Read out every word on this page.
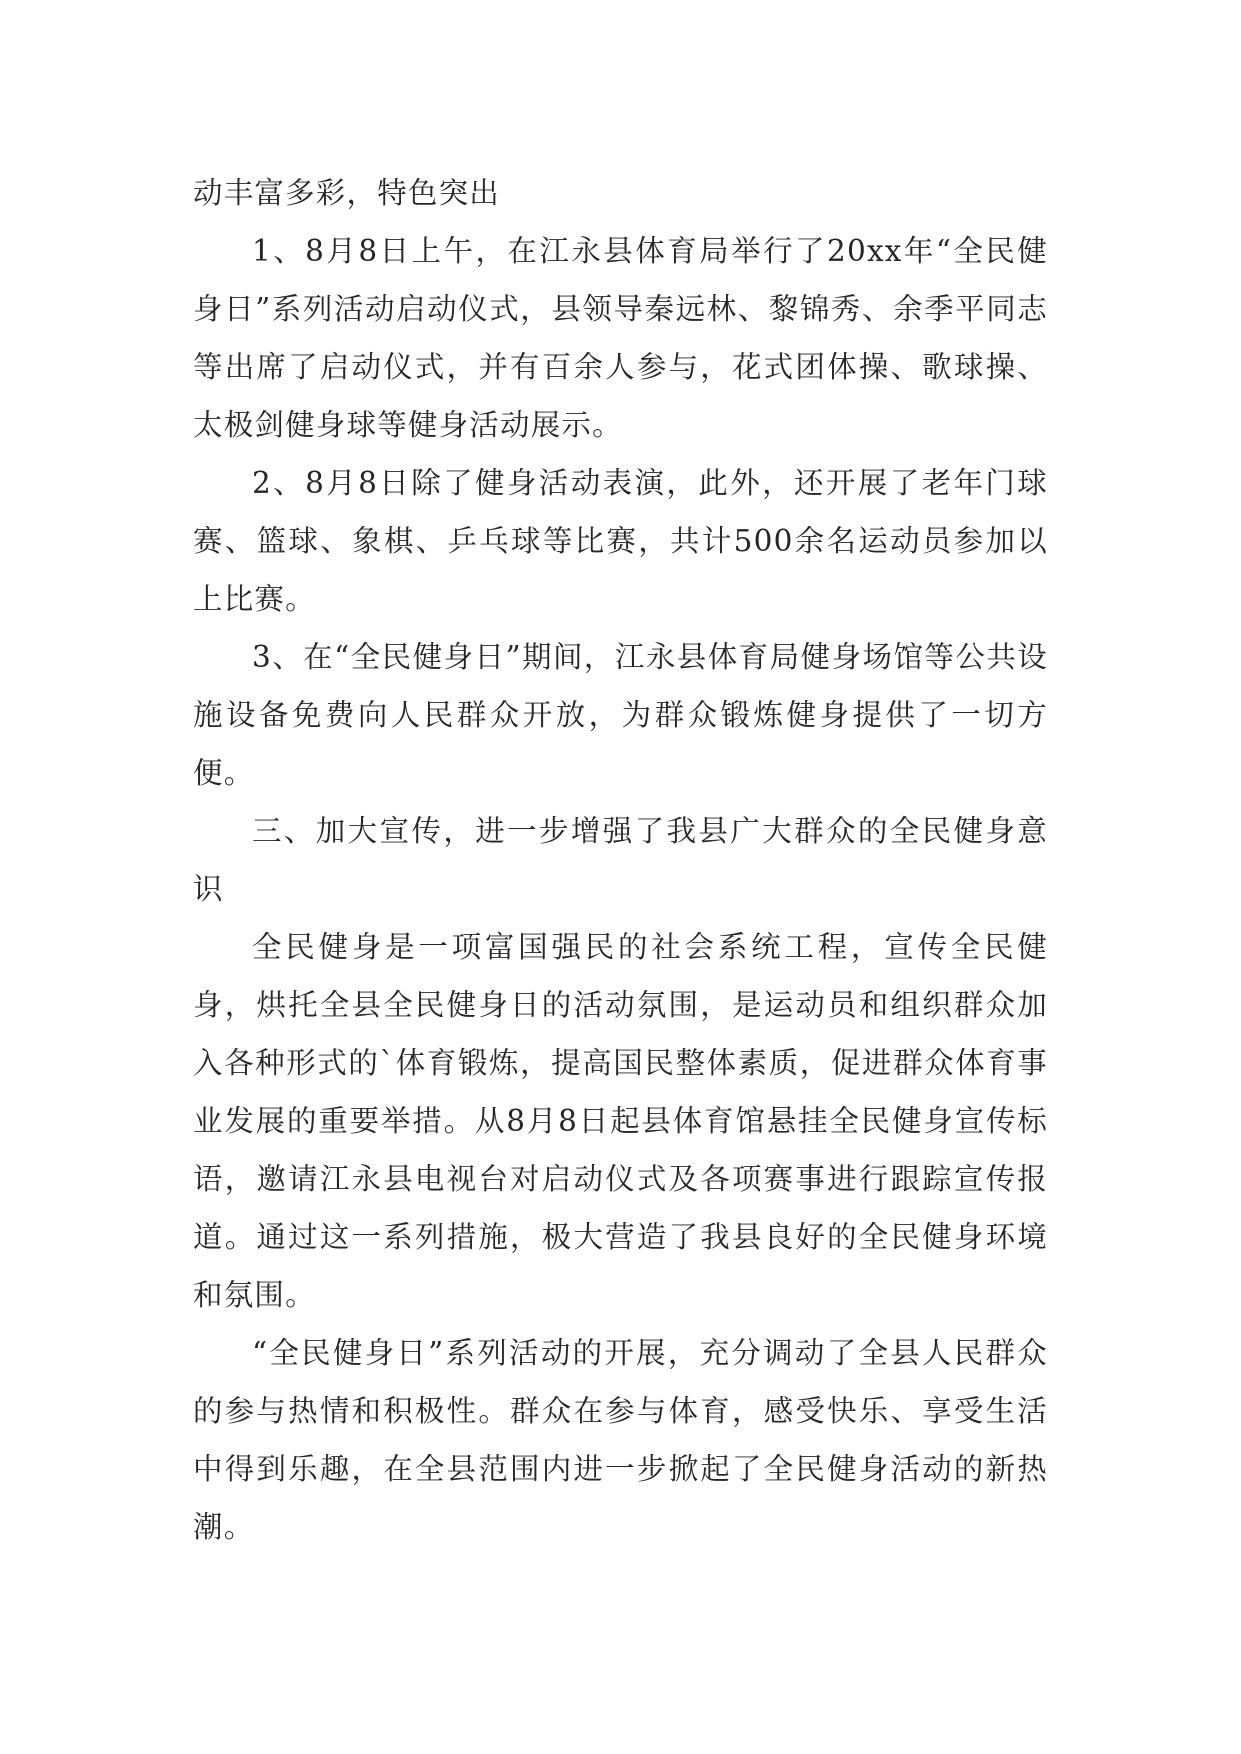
动丰富多彩，特色突出

1、8月8日上午，在江永县体育局举行了20xx年“全民健身日”系列活动启动仪式，县领导秦远林、黎锦秀、余季平同志等出席了启动仪式，并有百余人参与，花式团体操、歌球操、太极剑健身球等健身活动展示。

2、8月8日除了健身活动表演，此外，还开展了老年门球赛、篮球、象棋、乒乓球等比赛，共计500余名运动员参加以上比赛。

3、在“全民健身日”期间，江永县体育局健身场馆等公共设施设备免费向人民群众开放，为群众锻炼健身提供了一切方便。

三、加大宣传，进一步增强了我县广大群众的全民健身意识

全民健身是一项富国强民的社会系统工程，宣传全民健身，烘托全县全民健身日的活动氛围，是运动员和组织群众加入各种形式的`体育锻炼，提高国民整体素质，促进群众体育事业发展的重要举措。从8月8日起县体育馆悬挂全民健身宣传标语，邀请江永县电视台对启动仪式及各项赛事进行跟踪宣传报道。通过这一系列措施，极大营造了我县良好的全民健身环境和氛围。

“全民健身日”系列活动的开展，充分调动了全县人民群众的参与热情和积极性。群众在参与体育，感受快乐、享受生活中得到乐趣，在全县范围内进一步掀起了全民健身活动的新热潮。
